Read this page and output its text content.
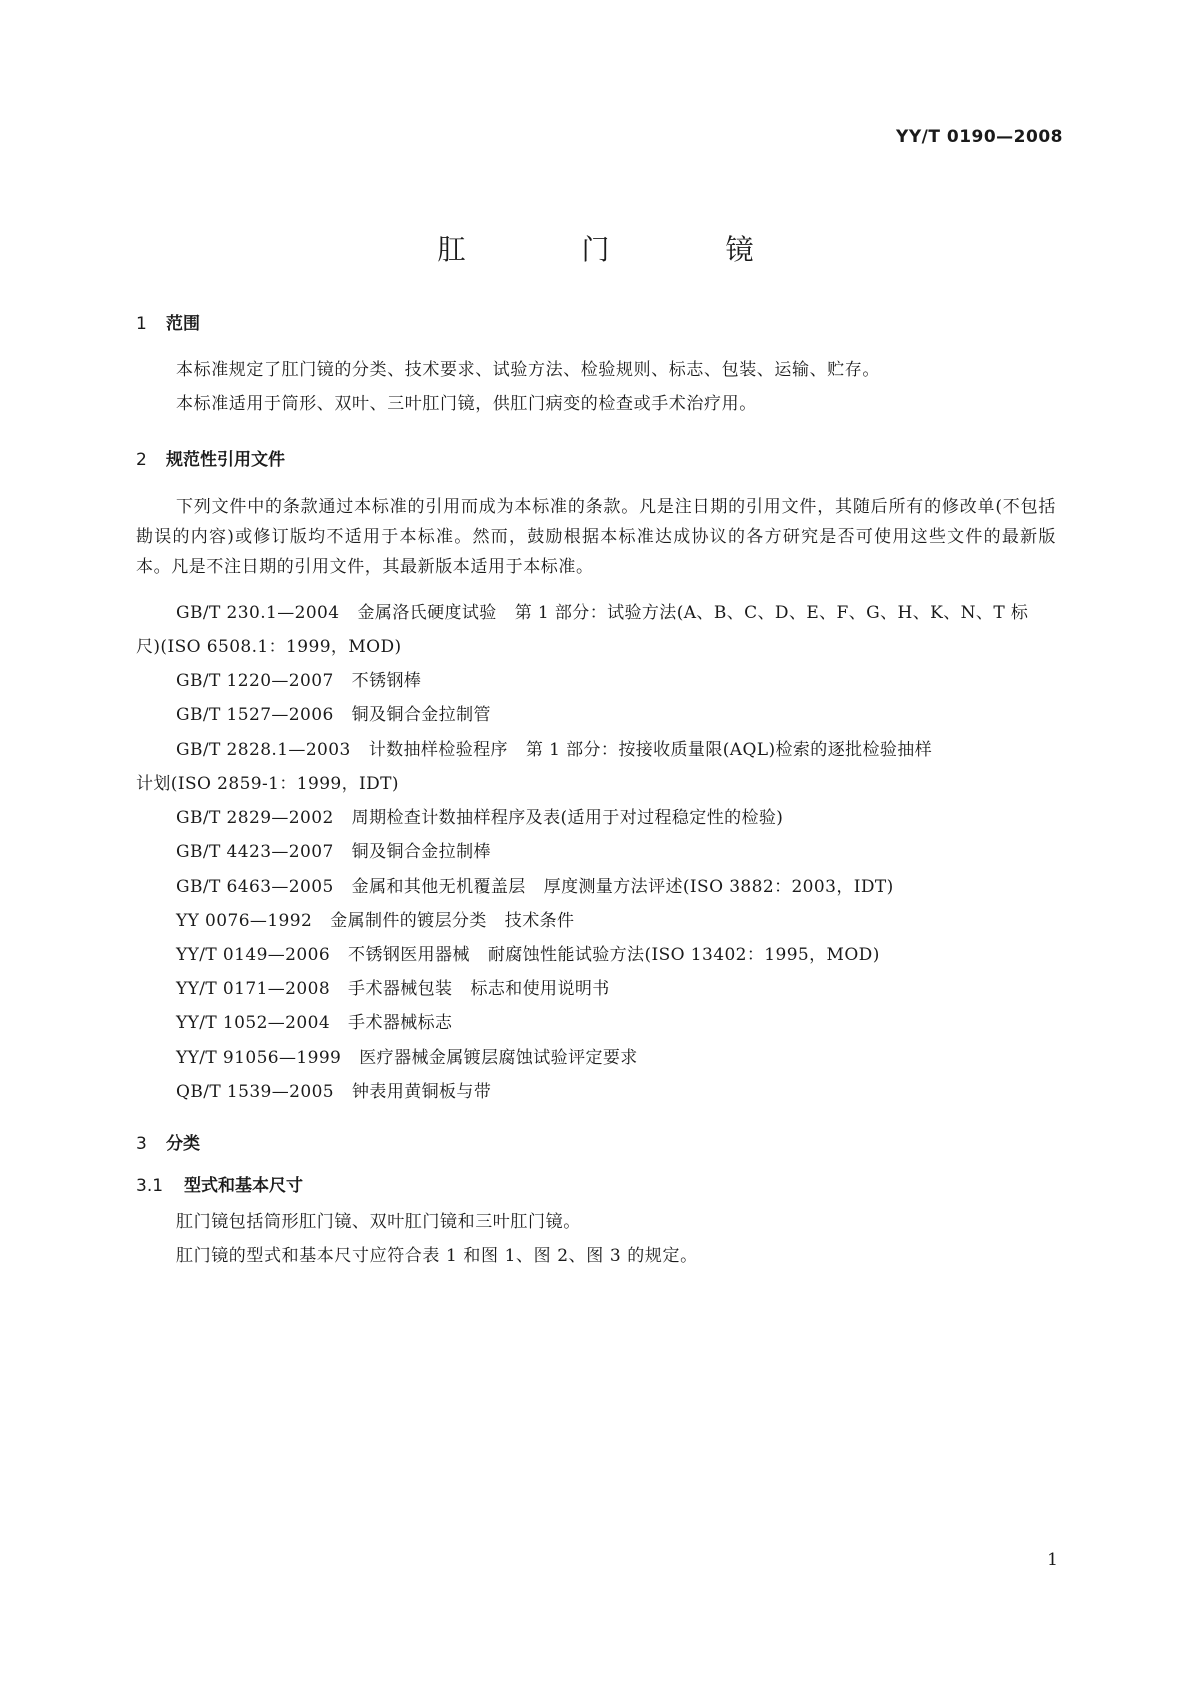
YY/T 0190—2008
肛　门　镜
1 范围
本标准规定了肛门镜的分类、技术要求、试验方法、检验规则、标志、包装、运输、贮存。
本标准适用于筒形、双叶、三叶肛门镜，供肛门病变的检查或手术治疗用。
2 规范性引用文件
下列文件中的条款通过本标准的引用而成为本标准的条款。凡是注日期的引用文件，其随后所有的修改单(不包括勘误的内容)或修订版均不适用于本标准。然而，鼓励根据本标准达成协议的各方研究是否可使用这些文件的最新版本。凡是不注日期的引用文件，其最新版本适用于本标准。
GB/T 230.1—2004 金属洛氏硬度试验 第 1 部分：试验方法(A、B、C、D、E、F、G、H、K、N、T 标
尺)(ISO 6508.1：1999，MOD)
GB/T 1220—2007 不锈钢棒
GB/T 1527—2006 铜及铜合金拉制管
GB/T 2828.1—2003 计数抽样检验程序 第 1 部分：按接收质量限(AQL)检索的逐批检验抽样
计划(ISO 2859-1：1999，IDT)
GB/T 2829—2002 周期检查计数抽样程序及表(适用于对过程稳定性的检验)
GB/T 4423—2007 铜及铜合金拉制棒
GB/T 6463—2005 金属和其他无机覆盖层 厚度测量方法评述(ISO 3882：2003，IDT)
YY 0076—1992 金属制件的镀层分类 技术条件
YY/T 0149—2006 不锈钢医用器械 耐腐蚀性能试验方法(ISO 13402：1995，MOD)
YY/T 0171—2008 手术器械包装 标志和使用说明书
YY/T 1052—2004 手术器械标志
YY/T 91056—1999 医疗器械金属镀层腐蚀试验评定要求
QB/T 1539—2005 钟表用黄铜板与带
3 分类
3.1 型式和基本尺寸
肛门镜包括筒形肛门镜、双叶肛门镜和三叶肛门镜。
肛门镜的型式和基本尺寸应符合表 1 和图 1、图 2、图 3 的规定。
1
